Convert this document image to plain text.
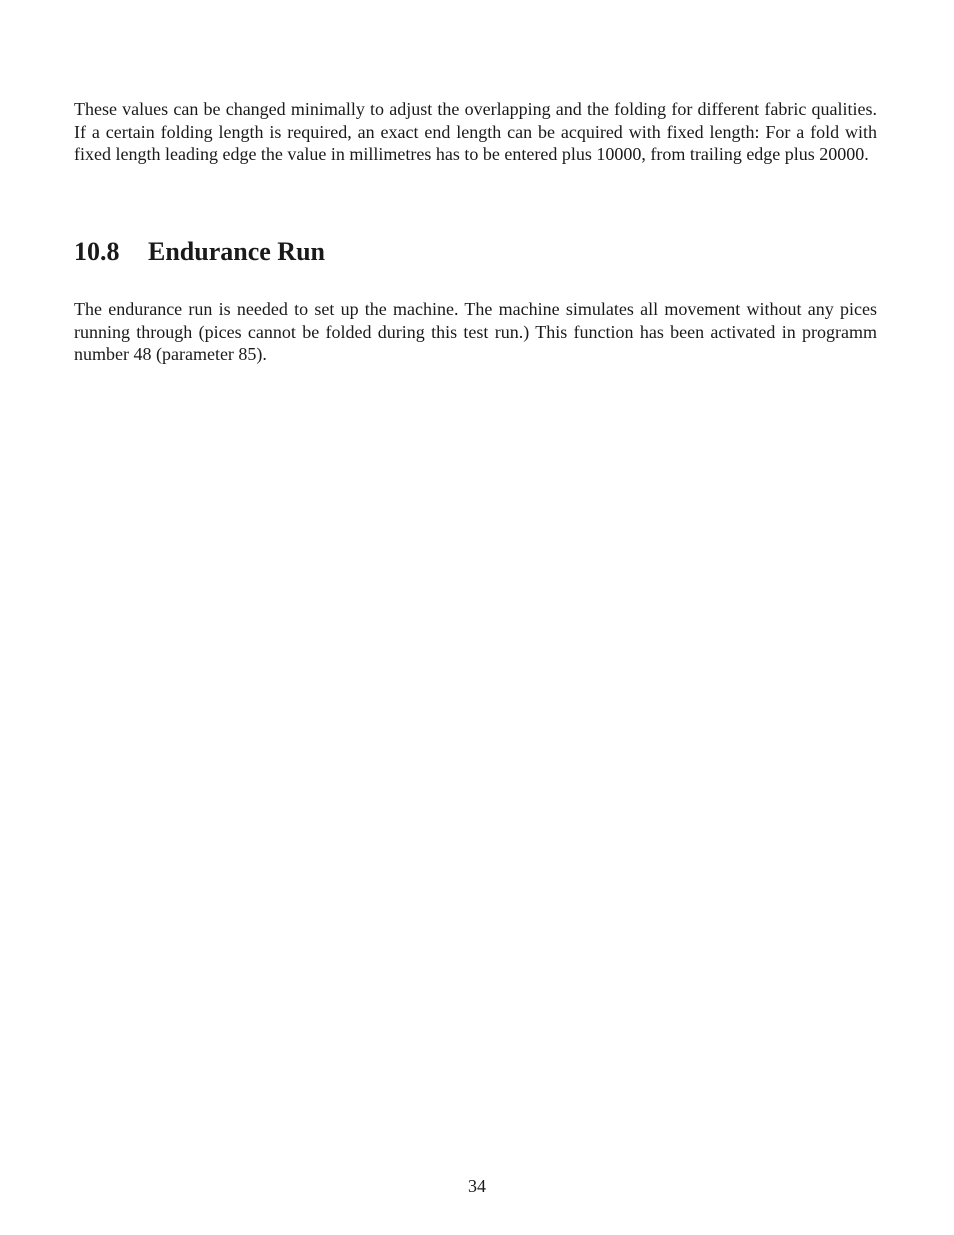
These values can be changed minimally to adjust the overlapping and the folding for different fabric qualities. If a certain folding length is required, an exact end length can be acquired with fixed length: For a fold with fixed length leading edge the value in millimetres has to be entered plus 10000, from trailing edge plus 20000.

10.8 Endurance Run

The endurance run is needed to set up the machine. The machine simulates all movement without any pices running through (pices cannot be folded during this test run.) This function has been activated in programm number 48 (parameter 85).

34
